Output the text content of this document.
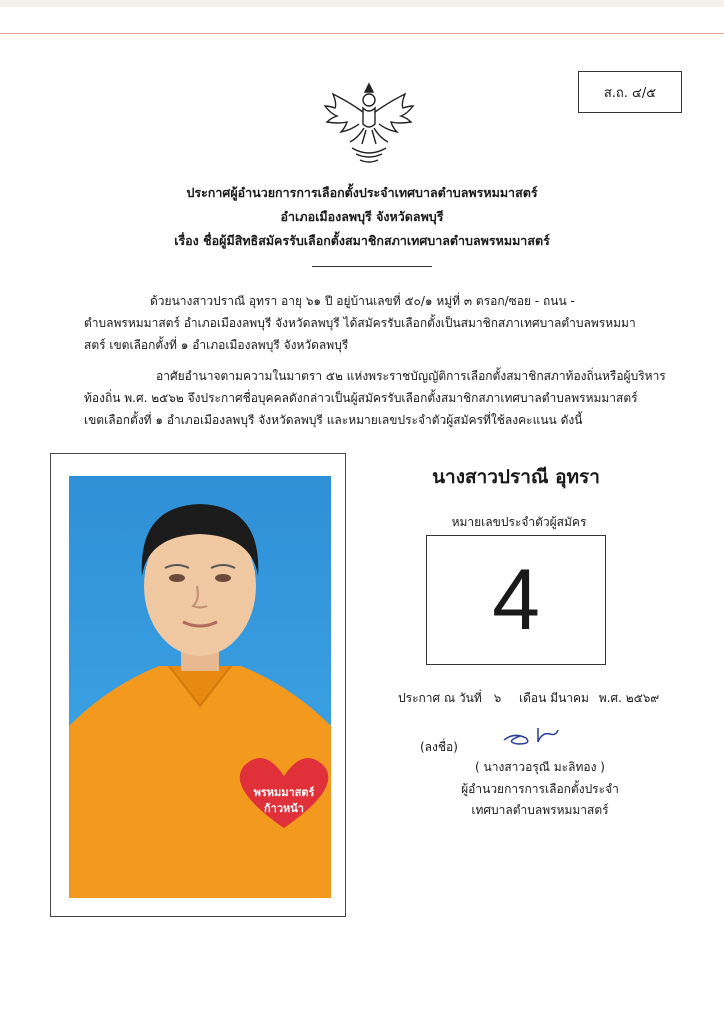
ส.ถ. ๔/๕
ประกาศผู้อำนวยการการเลือกตั้งประจำเทศบาลตำบลพรหมมาสตร์
อำเภอเมืองลพบุรี จังหวัดลพบุรี
เรื่อง ชื่อผู้มีสิทธิสมัครรับเลือกตั้งสมาชิกสภาเทศบาลตำบลพรหมมาสตร์
ด้วยนางสาวปราณี อุทรา อายุ ๖๑ ปี อยู่บ้านเลขที่ ๕๐/๑ หมู่ที่ ๓ ตรอก/ซอย - ถนน -
ตำบลพรหมมาสตร์ อำเภอเมืองลพบุรี จังหวัดลพบุรี ได้สมัครรับเลือกตั้งเป็นสมาชิกสภาเทศบาลตำบลพรหมมา
สตร์ เขตเลือกตั้งที่ ๑ อำเภอเมืองลพบุรี จังหวัดลพบุรี
อาศัยอำนาจตามความในมาตรา ๕๒ แห่งพระราชบัญญัติการเลือกตั้งสมาชิกสภาท้องถิ่นหรือผู้บริหาร
ท้องถิ่น พ.ศ. ๒๕๖๒ จึงประกาศชื่อบุคคลดังกล่าวเป็นผู้สมัครรับเลือกตั้งสมาชิกสภาเทศบาลตำบลพรหมมาสตร์
เขตเลือกตั้งที่ ๑ อำเภอเมืองลพบุรี จังหวัดลพบุรี และหมายเลขประจำตัวผู้สมัครที่ใช้ลงคะแนน ดังนี้
พรหมมาสตร์
ก้าวหน้า
นางสาวปราณี อุทรา
หมายเลขประจำตัวผู้สมัคร
4
ประกาศ ณ วันที่ ๖ เดือน มีนาคม พ.ศ. ๒๕๖๙
(ลงชื่อ)
( นางสาวอรุณี มะลิทอง )
ผู้อำนวยการการเลือกตั้งประจำ
เทศบาลตำบลพรหมมาสตร์
